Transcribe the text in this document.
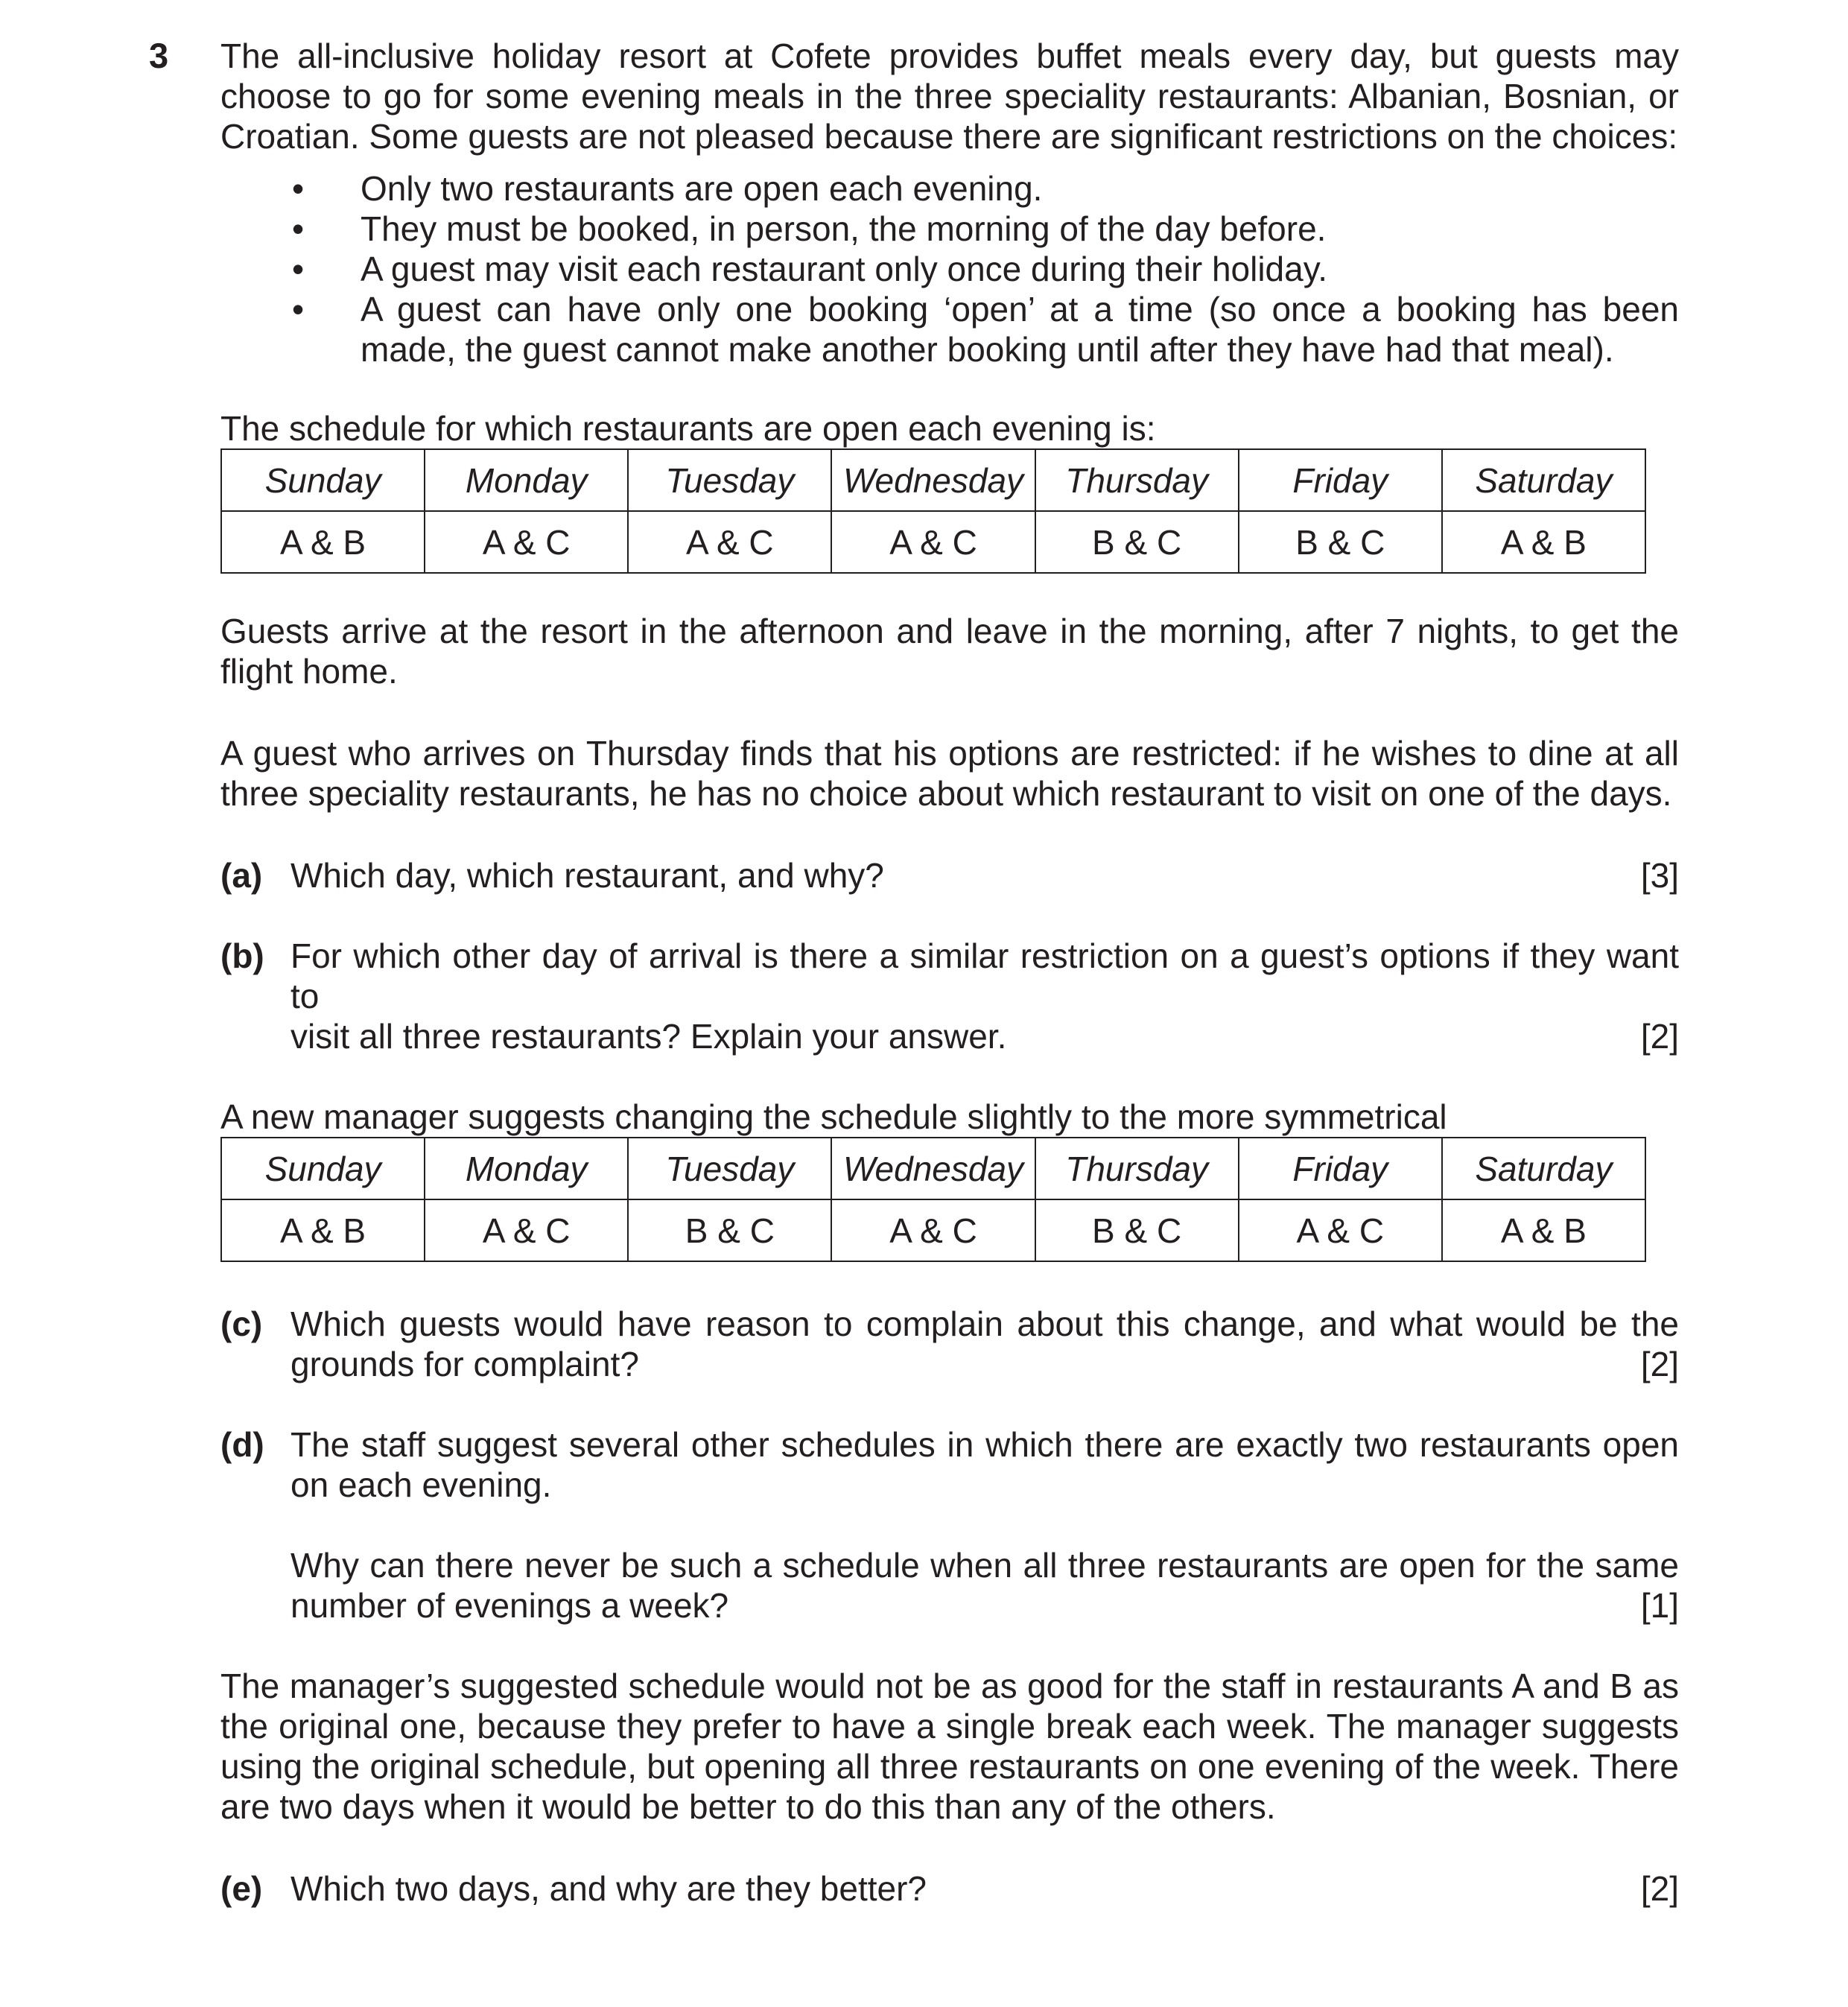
3 The all-inclusive holiday resort at Cofete provides buffet meals every day, but guests may choose to go for some evening meals in the three speciality restaurants: Albanian, Bosnian, or Croatian. Some guests are not pleased because there are significant restrictions on the choices:

• Only two restaurants are open each evening.
• They must be booked, in person, the morning of the day before.
• A guest may visit each restaurant only once during their holiday.
• A guest can have only one booking ‘open’ at a time (so once a booking has been made, the guest cannot make another booking until after they have had that meal).

The schedule for which restaurants are open each evening is:

Sunday	Monday	Tuesday	Wednesday	Thursday	Friday	Saturday
A & B	A & C	A & C	A & C	B & C	B & C	A & B

Guests arrive at the resort in the afternoon and leave in the morning, after 7 nights, to get the flight home.

A guest who arrives on Thursday finds that his options are restricted: if he wishes to dine at all three speciality restaurants, he has no choice about which restaurant to visit on one of the days.

(a) Which day, which restaurant, and why?	[3]
(b) For which other day of arrival is there a similar restriction on a guest’s options if they want to

visit all three restaurants? Explain your answer.	[2]

A new manager suggests changing the schedule slightly to the more symmetrical

Sunday	Monday	Tuesday	Wednesday	Thursday	Friday	Saturday
A & B	A & C	B & C	A & C	B & C	A & C	A & B
(c) Which guests would have reason to complain about this change, and what would be the

grounds for complaint?	[2]
(d) The staff suggest several other schedules in which there are exactly two restaurants open on each evening.

Why can there never be such a schedule when all three restaurants are open for the same

number of evenings a week?	[1]

The manager’s suggested schedule would not be as good for the staff in restaurants A and B as the original one, because they prefer to have a single break each week. The manager suggests using the original schedule, but opening all three restaurants on one evening of the week. There are two days when it would be better to do this than any of the others.

(e) Which two days, and why are they better?	[2]
